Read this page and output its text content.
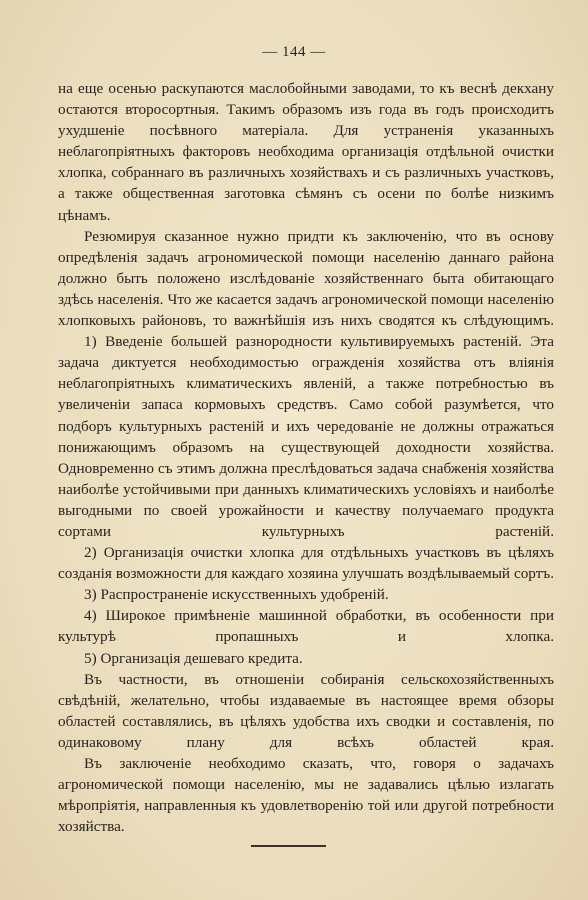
— 144 —

на еще осенью раскупаются маслобойными заводами, то къ веснѣ декхану остаются второсортныя. Такимъ образомъ изъ года въ годъ происходитъ ухудшеніе посѣвного матеріала. Для устраненія указанныхъ неблагопріятныхъ факторовъ необходима организація отдѣльной очистки хлопка, собраннаго въ различныхъ хозяйствахъ и съ различныхъ участковъ, а также общественная заготовка сѣмянъ съ осени по болѣе низкимъ цѣнамъ.

Резюмируя сказанное нужно придти къ заключенію, что въ основу опредѣленія задачъ агрономической помощи населенію даннаго района должно быть положено изслѣдованіе хозяйственнаго быта обитающаго здѣсь населенія. Что же касается задачъ агрономической помощи населенію хлопковыхъ районовъ, то важнѣйшія изъ нихъ сводятся къ слѣдующимъ.

1) Введеніе большей разнородности культивируемыхъ растеній. Эта задача диктуется необходимостью огражденія хозяйства отъ вліянія неблагопріятныхъ климатическихъ явленій, а также потребностью въ увеличеніи запаса кормовыхъ средствъ. Само собой разумѣется, что подборъ культурныхъ растеній и ихъ чередованіе не должны отражаться понижающимъ образомъ на существующей доходности хозяйства. Одновременно съ этимъ должна преслѣдоваться задача снабженія хозяйства наиболѣе устойчивыми при данныхъ климатическихъ условіяхъ и наиболѣе выгодными по своей урожайности и качеству получаемаго продукта сортами культурныхъ растеній.

2) Организація очистки хлопка для отдѣльныхъ участковъ въ цѣляхъ созданія возможности для каждаго хозяина улучшать воздѣлываемый сортъ.

3) Распространеніе искусственныхъ удобреній.

4) Широкое примѣненіе машинной обработки, въ особенности при культурѣ пропашныхъ и хлопка.

5) Организація дешеваго кредита.

Въ частности, въ отношеніи собиранія сельскохозяйственныхъ свѣдѣній, желательно, чтобы издаваемые въ настоящее время обзоры областей составлялись, въ цѣляхъ удобства ихъ сводки и составленія, по одинаковому плану для всѣхъ областей края.

Въ заключеніе необходимо сказать, что, говоря о задачахъ агрономической помощи населенію, мы не задавались цѣлью излагать мѣропріятія, направленныя къ удовлетворенію той или другой потребности хозяйства.
